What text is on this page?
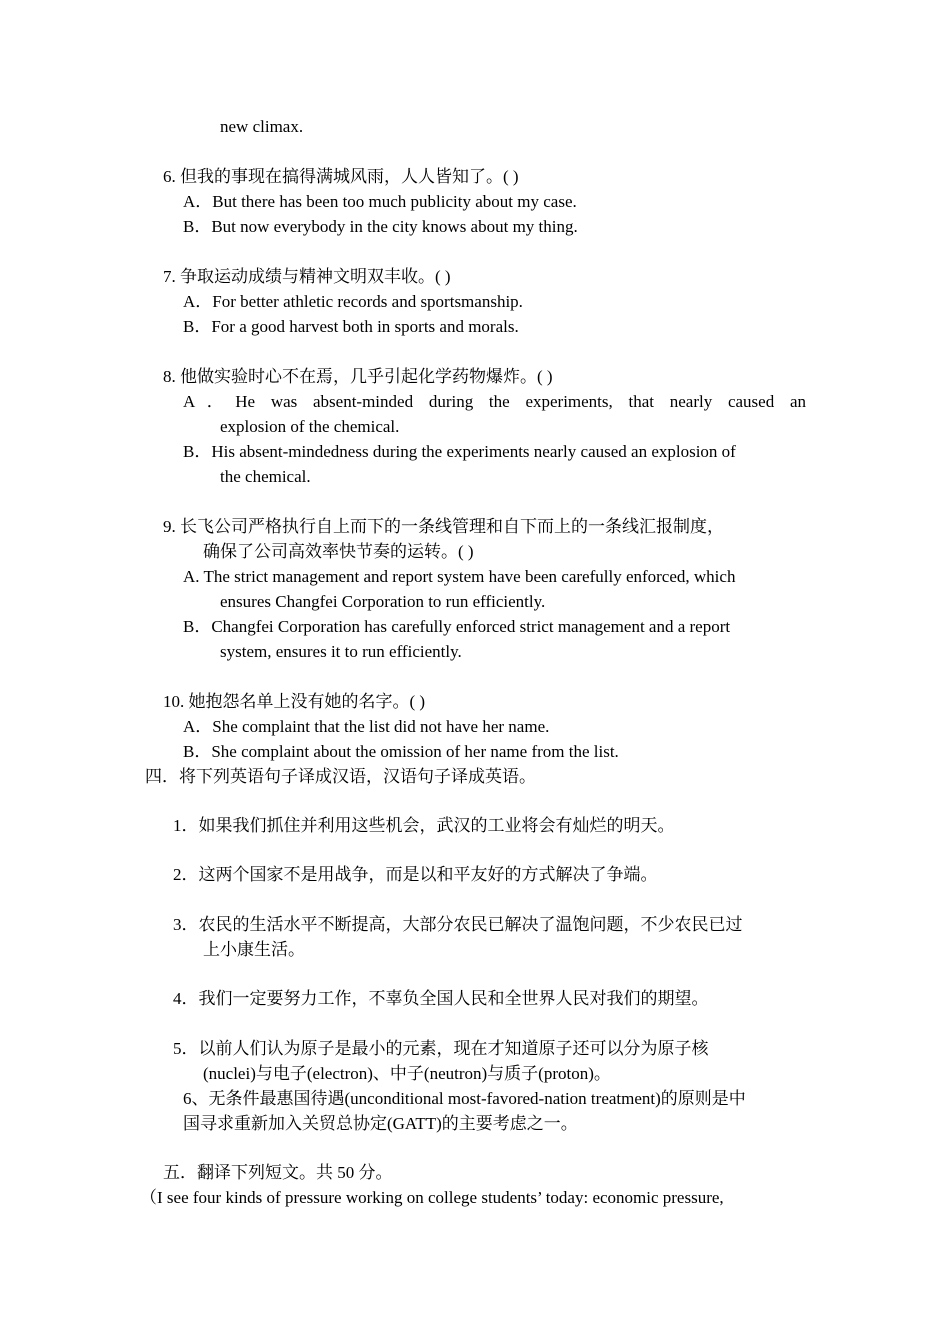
new climax.
6. 但我的事现在搞得满城风雨，人人皆知了。( )
A．But there has been too much publicity about my case.
B．But now everybody in the city knows about my thing.
7. 争取运动成绩与精神文明双丰收。( )
A．For better athletic records and sportsmanship.
B．For a good harvest both in sports and morals.
8. 他做实验时心不在焉，几乎引起化学药物爆炸。( )
A．He was absent-minded during the experiments, that nearly caused an
explosion of the chemical.
B．His absent-mindedness during the experiments nearly caused an explosion of
the chemical.
9. 长飞公司严格执行自上而下的一条线管理和自下而上的一条线汇报制度，
确保了公司高效率快节奏的运转。( )
A. The strict management and report system have been carefully enforced, which
ensures Changfei Corporation to run efficiently.
B．Changfei Corporation has carefully enforced strict management and a report
system, ensures it to run efficiently.
10. 她抱怨名单上没有她的名字。( )
A．She complaint that the list did not have her name.
B．She complaint about the omission of her name from the list.
四．将下列英语句子译成汉语，汉语句子译成英语。
1．如果我们抓住并利用这些机会，武汉的工业将会有灿烂的明天。
2．这两个国家不是用战争，而是以和平友好的方式解决了争端。
3．农民的生活水平不断提高，大部分农民已解决了温饱问题，不少农民已过
上小康生活。
4．我们一定要努力工作，不辜负全国人民和全世界人民对我们的期望。
5．以前人们认为原子是最小的元素，现在才知道原子还可以分为原子核
(nuclei)与电子(electron)、中子(neutron)与质子(proton)。
6、无条件最惠国待遇(unconditional most-favored-nation treatment)的原则是中
国寻求重新加入关贸总协定(GATT)的主要考虑之一。
五．翻译下列短文。共 50 分。
（I see four kinds of pressure working on college students’ today: economic pressure,
